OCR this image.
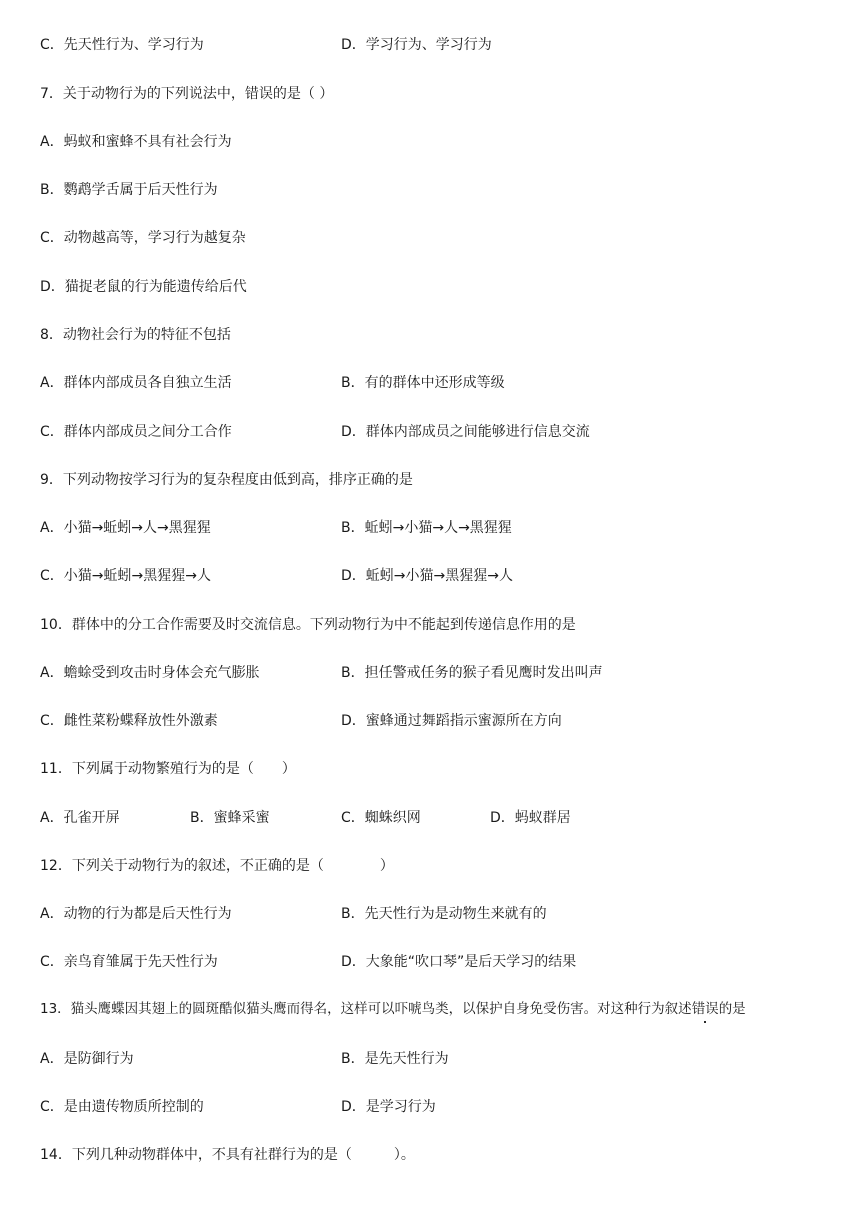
C．先天性行为、学习行为	D．学习行为、学习行为
7．关于动物行为的下列说法中，错误的是（ ）
A．蚂蚁和蜜蜂不具有社会行为
B．鹦鹉学舌属于后天性行为
C．动物越高等，学习行为越复杂
D．猫捉老鼠的行为能遗传给后代
8．动物社会行为的特征不包括
A．群体内部成员各自独立生活	B．有的群体中还形成等级
C．群体内部成员之间分工合作	D．群体内部成员之间能够进行信息交流
9．下列动物按学习行为的复杂程度由低到高，排序正确的是
A．小猫→蚯蚓→人→黑猩猩	B．蚯蚓→小猫→人→黑猩猩
C．小猫→蚯蚓→黑猩猩→人	D．蚯蚓→小猫→黑猩猩→人
10．群体中的分工合作需要及时交流信息。下列动物行为中不能起到传递信息作用的是
A．蟾蜍受到攻击时身体会充气膨胀	B．担任警戒任务的猴子看见鹰时发出叫声
C．雌性菜粉蝶释放性外激素	D．蜜蜂通过舞蹈指示蜜源所在方向
11．下列属于动物繁殖行为的是（　　）
A．孔雀开屏	B．蜜蜂采蜜	C．蜘蛛织网	D．蚂蚁群居
12．下列关于动物行为的叙述，不正确的是（　　　　）
A．动物的行为都是后天性行为	B．先天性行为是动物生来就有的
C．亲鸟育雏属于先天性行为	D．大象能“吹口琴”是后天学习的结果
13．猫头鹰蝶因其翅上的圆斑酷似猫头鹰而得名，这样可以吓唬鸟类，以保护自身免受伤害。对这种行为叙述错误的是
A．是防御行为	B．是先天性行为
C．是由遗传物质所控制的	D．是学习行为
14．下列几种动物群体中，不具有社群行为的是（　　　）。
